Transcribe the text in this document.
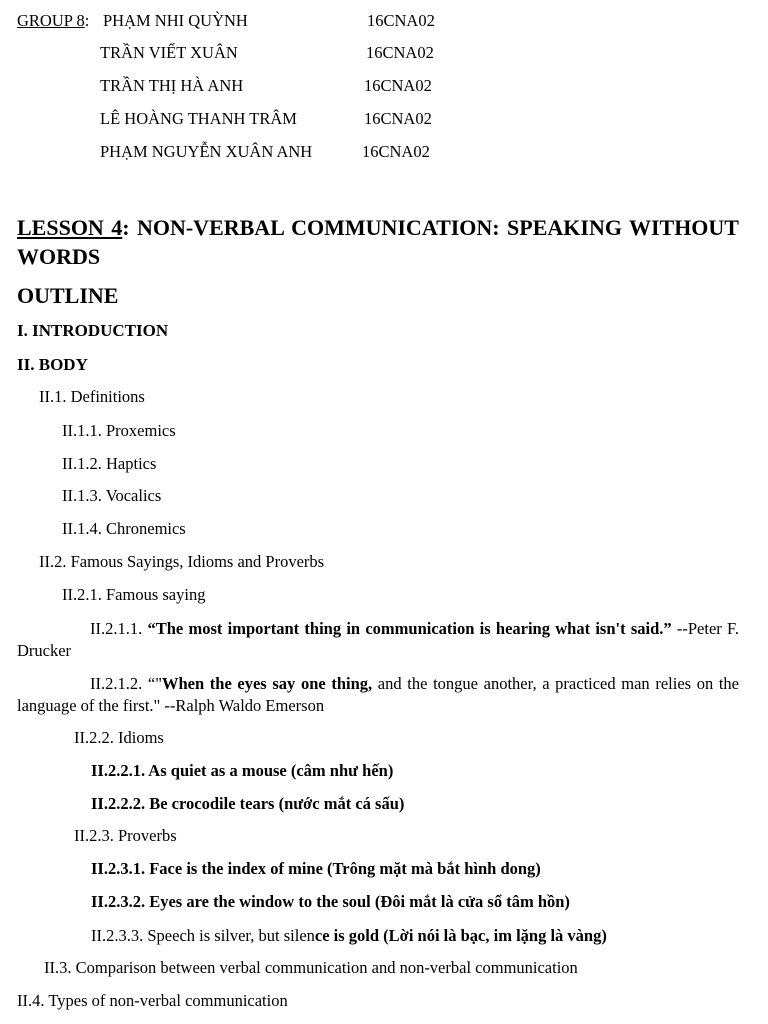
GROUP 8: PHẠM NHI QUỲNH	16CNA02
TRẦN VIẾT XUÂN	16CNA02
TRẦN THỊ HÀ ANH	16CNA02
LÊ HOÀNG THANH TRÂM	16CNA02
PHẠM NGUYỄN XUÂN ANH	16CNA02
LESSON 4: NON-VERBAL COMMUNICATION: SPEAKING WITHOUT WORDS
OUTLINE
I. INTRODUCTION
II. BODY
II.1. Definitions
II.1.1. Proxemics
II.1.2. Haptics
II.1.3. Vocalics
II.1.4. Chronemics
II.2. Famous Sayings, Idioms and Proverbs
II.2.1. Famous saying
II.2.1.1. “The most important thing in communication is hearing what isn't said.” --Peter F. Drucker
II.2.1.2. “"When the eyes say one thing, and the tongue another, a practiced man relies on the language of the first." --Ralph Waldo Emerson
II.2.2. Idioms
II.2.2.1. As quiet as a mouse (câm như hến)
II.2.2.2. Be crocodile tears (nước mắt cá sấu)
II.2.3. Proverbs
II.2.3.1. Face is the index of mine (Trông mặt mà bắt hình dong)
II.2.3.2. Eyes are the window to the soul (Đôi mắt là cửa sổ tâm hồn)
II.2.3.3. Speech is silver, but silence is gold (Lời nói là bạc, im lặng là vàng)
II.3. Comparison between verbal communication and non-verbal communication
II.4. Types of non-verbal communication
